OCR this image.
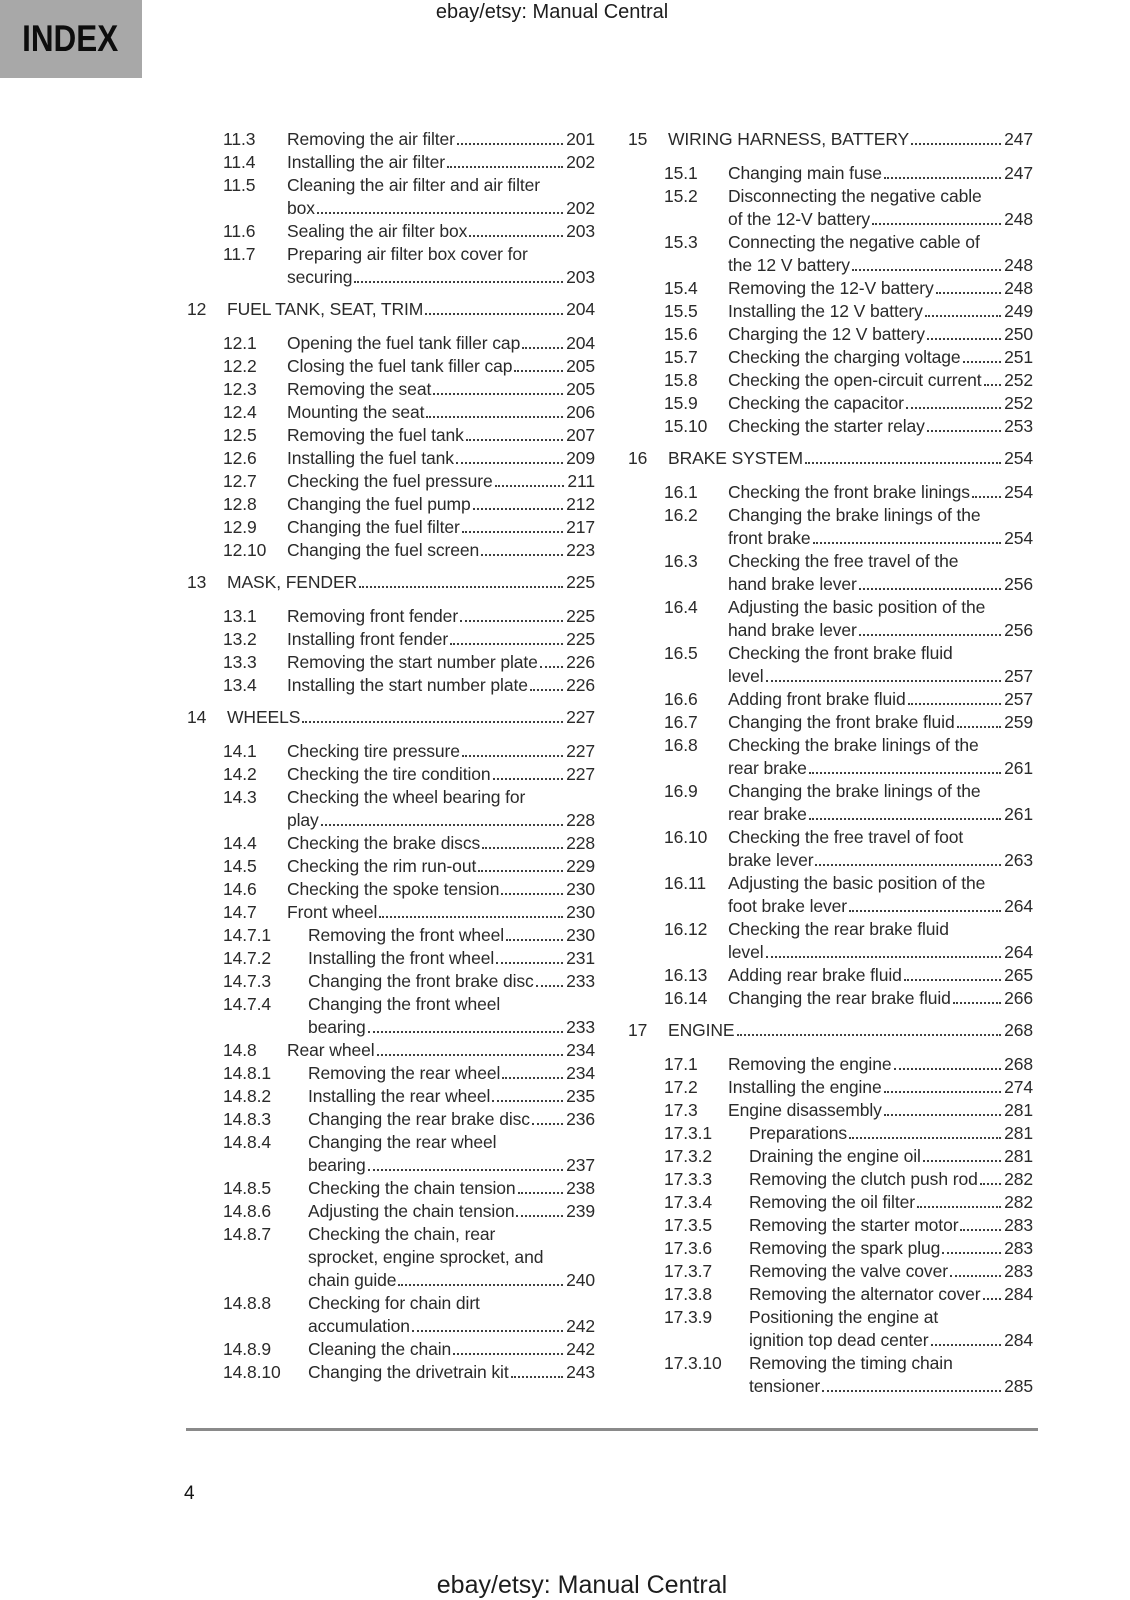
INDEX
ebay/etsy: Manual Central
11.3	Removing the air filter	201
11.4	Installing the air filter	202
11.5	Cleaning the air filter and air filter
box	202
11.6	Sealing the air filter box	203
11.7	Preparing air filter box cover for
securing	203
12	FUEL TANK, SEAT, TRIM	204
12.1	Opening the fuel tank filler cap	204
12.2	Closing the fuel tank filler cap	205
12.3	Removing the seat	205
12.4	Mounting the seat	206
12.5	Removing the fuel tank	207
12.6	Installing the fuel tank	209
12.7	Checking the fuel pressure	211
12.8	Changing the fuel pump	212
12.9	Changing the fuel filter	217
12.10	Changing the fuel screen	223
13	MASK, FENDER	225
13.1	Removing front fender	225
13.2	Installing front fender	225
13.3	Removing the start number plate 226
13.4	Installing the start number plate 226
14	WHEELS	227
14.1	Checking tire pressure	227
14.2	Checking the tire condition	227
14.3	Checking the wheel bearing for
play	228
14.4	Checking the brake discs	228
14.5	Checking the rim run-out	229
14.6	Checking the spoke tension	230
14.7	Front wheel	230
14.7.1	Removing the front wheel	230
14.7.2	Installing the front wheel	231
14.7.3	Changing the front brake disc 233
14.7.4	Changing the front wheel
bearing	233
14.8	Rear wheel	234
14.8.1	Removing the rear wheel	234
14.8.2	Installing the rear wheel	235
14.8.3	Changing the rear brake disc 236
14.8.4	Changing the rear wheel
bearing	237
14.8.5	Checking the chain tension	238
14.8.6	Adjusting the chain tension	239
14.8.7	Checking the chain, rear
sprocket, engine sprocket, and
chain guide	240
14.8.8	Checking for chain dirt
accumulation	242
14.8.9	Cleaning the chain	242
14.8.10	Changing the drivetrain kit	243
15	WIRING HARNESS, BATTERY	247
15.1	Changing main fuse	247
15.2	Disconnecting the negative cable
of the 12-V battery	248
15.3	Connecting the negative cable of
the 12 V battery	248
15.4	Removing the 12-V battery	248
15.5	Installing the 12 V battery	249
15.6	Charging the 12 V battery	250
15.7	Checking the charging voltage 251
15.8	Checking the open-circuit current 252
15.9	Checking the capacitor	252
15.10	Checking the starter relay	253
16	BRAKE SYSTEM	254
16.1	Checking the front brake linings 254
16.2	Changing the brake linings of the
front brake	254
16.3	Checking the free travel of the
hand brake lever	256
16.4	Adjusting the basic position of the
hand brake lever	256
16.5	Checking the front brake fluid
level	257
16.6	Adding front brake fluid	257
16.7	Changing the front brake fluid	259
16.8	Checking the brake linings of the
rear brake	261
16.9	Changing the brake linings of the
rear brake	261
16.10	Checking the free travel of foot
brake lever	263
16.11	Adjusting the basic position of the
foot brake lever	264
16.12	Checking the rear brake fluid
level	264
16.13	Adding rear brake fluid	265
16.14	Changing the rear brake fluid	266
17	ENGINE	268
17.1	Removing the engine	268
17.2	Installing the engine	274
17.3	Engine disassembly	281
17.3.1	Preparations	281
17.3.2	Draining the engine oil	281
17.3.3	Removing the clutch push rod 282
17.3.4	Removing the oil filter	282
17.3.5	Removing the starter motor	283
17.3.6	Removing the spark plug	283
17.3.7	Removing the valve cover	283
17.3.8	Removing the alternator cover 284
17.3.9	Positioning the engine at
ignition top dead center	284
17.3.10	Removing the timing chain
tensioner	285
4
ebay/etsy: Manual Central
